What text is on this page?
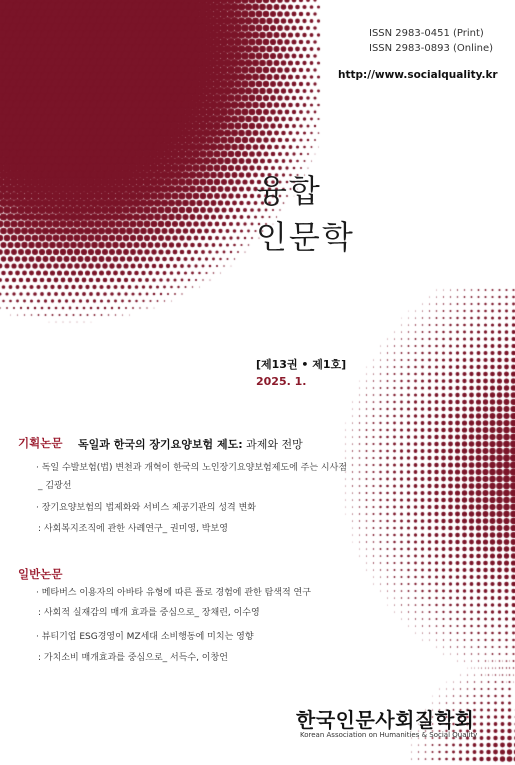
ISSN 2983-0451 (Print)
ISSN 2983-0893 (Online)
http://www.socialquality.kr
융합
인문학
[제13권 • 제1호]
2025. 1.
기획논문 독일과 한국의 장기요양보험 제도: 과제와 전망
· 독일 수발보험(법) 변천과 개혁이 한국의 노인장기요양보험제도에 주는 시사점
_ 김광선
· 장기요양보험의 법제화와 서비스 제공기관의 성격 변화
: 사회복지조직에 관한 사례연구_ 권미영, 박보영
일반논문
· 메타버스 이용자의 아바타 유형에 따른 플로 경험에 관한 탐색적 연구
: 사회적 실재감의 매개 효과를 중심으로_ 장채린, 이수영
· 뷰티기업 ESG경영이 MZ세대 소비행동에 미치는 영향
: 가치소비 매개효과를 중심으로_ 서득수, 이창언
한국인문사회질학회
Korean Association on Humanities & Social Quality
